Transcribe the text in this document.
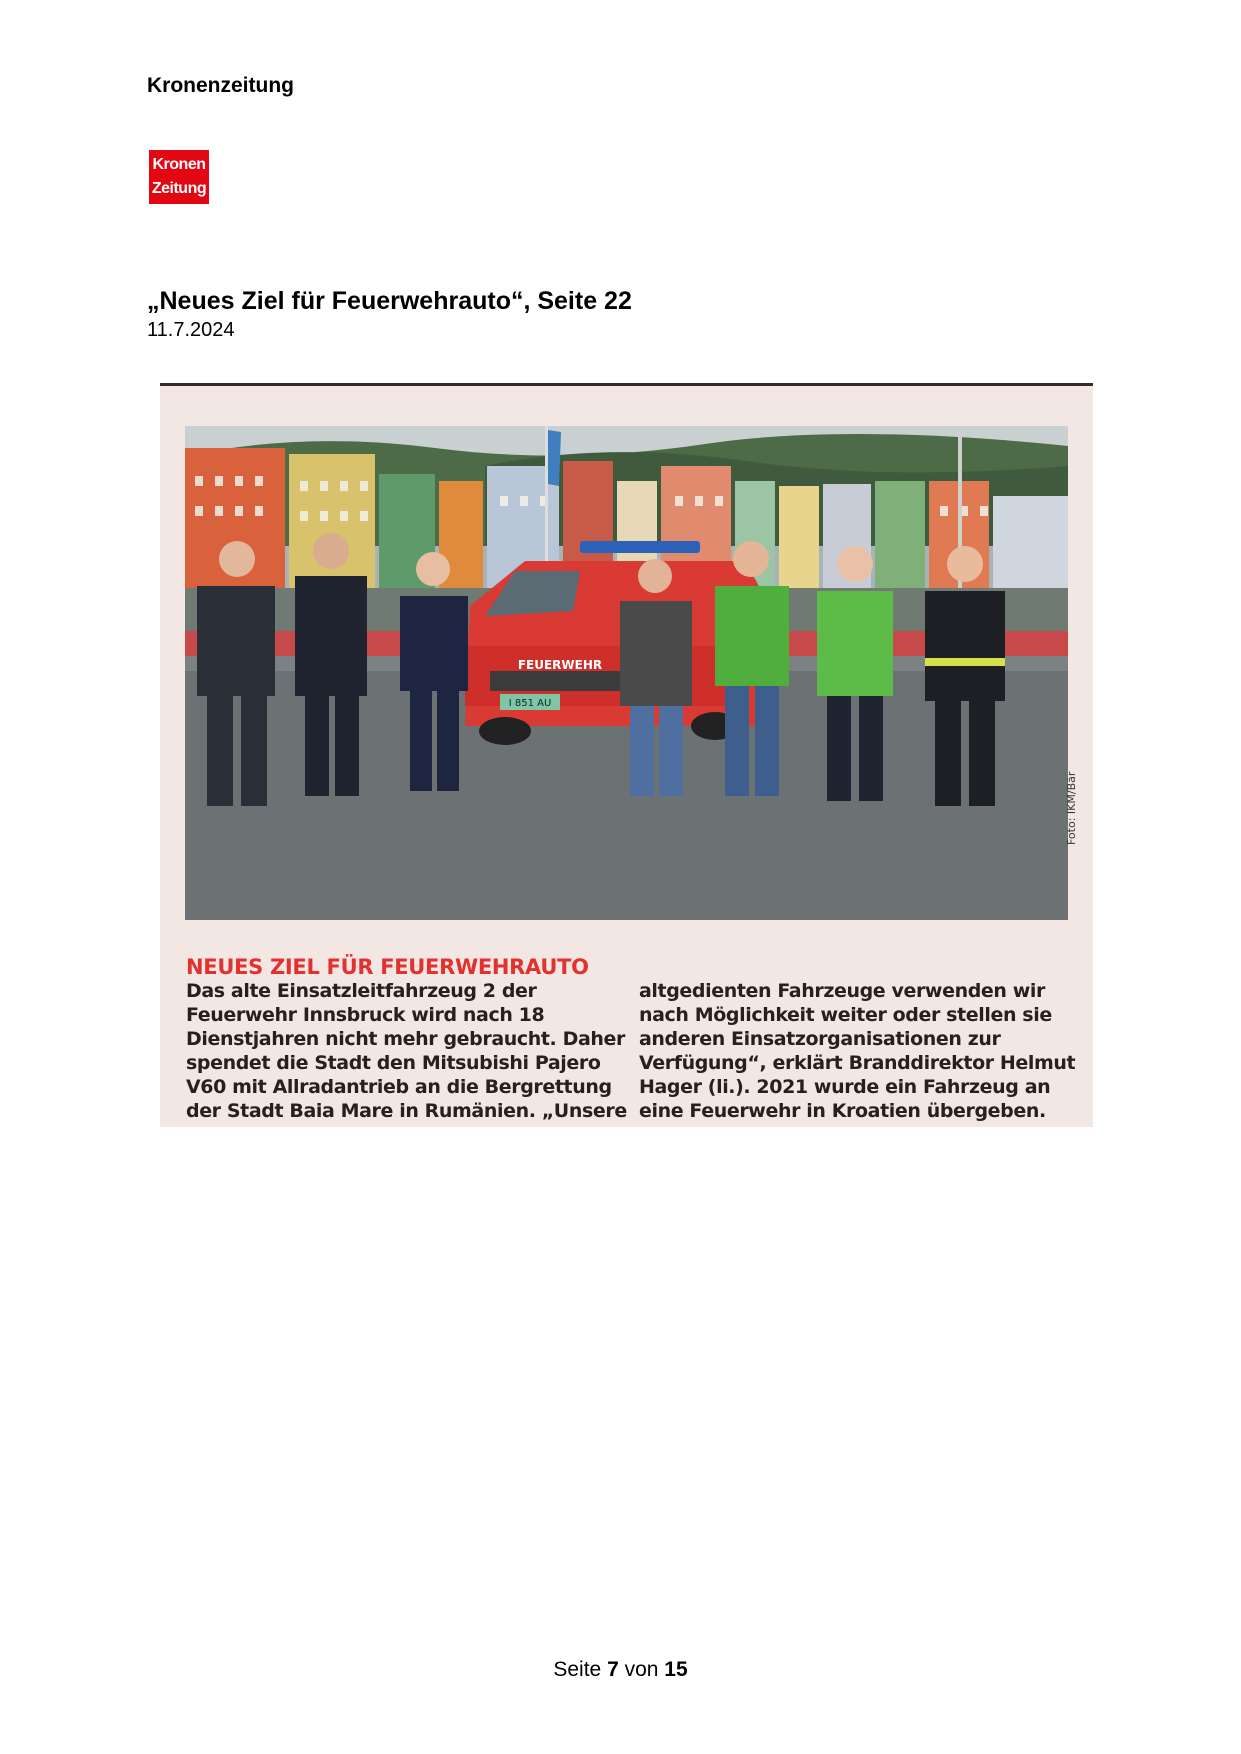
Kronenzeitung
Kronen
Zeitung
„Neues Ziel für Feuerwehrauto“, Seite 22
11.7.2024
I 851 AU
FEUERWEHR
Foto: IKM/Bär
NEUES ZIEL FÜR FEUERWEHRAUTO
Das alte Einsatzleitfahrzeug 2 der
Feuerwehr Innsbruck wird nach 18
Dienstjahren nicht mehr gebraucht. Daher
spendet die Stadt den Mitsubishi Pajero
V60 mit Allradantrieb an die Bergrettung
der Stadt Baia Mare in Rumänien. „Unsere
altgedienten Fahrzeuge verwenden wir
nach Möglichkeit weiter oder stellen sie
anderen Einsatzorganisationen zur
Verfügung“, erklärt Branddirektor Helmut
Hager (li.). 2021 wurde ein Fahrzeug an
eine Feuerwehr in Kroatien übergeben.
Seite 7 von 15
